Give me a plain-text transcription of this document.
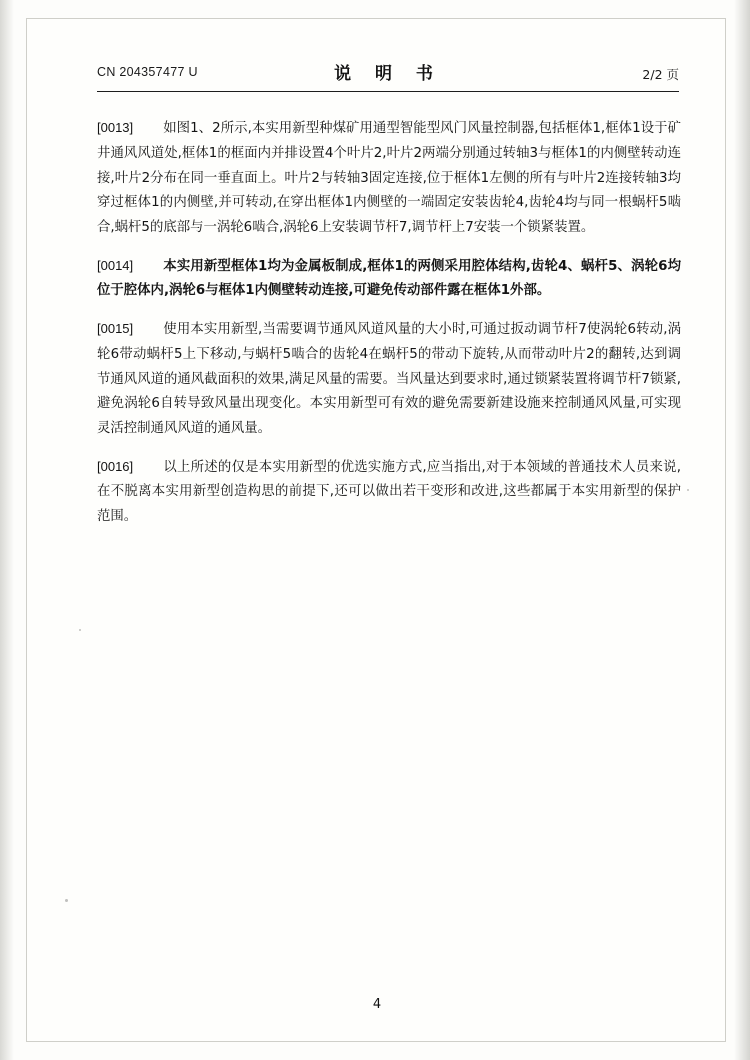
CN 204357477 U	说 明 书	2/2 页

[0013] 如图1、2所示,本实用新型种煤矿用通型智能型风门风量控制器,包括框体1,框体1设于矿井通风风道处,框体1的框面内并排设置4个叶片2,叶片2两端分别通过转轴3与框体1的内侧壁转动连接,叶片2分布在同一垂直面上。叶片2与转轴3固定连接,位于框体1左侧的所有与叶片2连接转轴3均穿过框体1的内侧壁,并可转动,在穿出框体1内侧壁的一端固定安装齿轮4,齿轮4均与同一根蜗杆5啮合,蜗杆5的底部与一涡轮6啮合,涡轮6上安装调节杆7,调节杆上7安装一个锁紧装置。

[0014] 本实用新型框体1均为金属板制成,框体1的两侧采用腔体结构,齿轮4、蜗杆5、涡轮6均位于腔体内,涡轮6与框体1内侧壁转动连接,可避免传动部件露在框体1外部。

[0015] 使用本实用新型,当需要调节通风风道风量的大小时,可通过扳动调节杆7使涡轮6转动,涡轮6带动蜗杆5上下移动,与蜗杆5啮合的齿轮4在蜗杆5的带动下旋转,从而带动叶片2的翻转,达到调节通风风道的通风截面积的效果,满足风量的需要。当风量达到要求时,通过锁紧装置将调节杆7锁紧,避免涡轮6自转导致风量出现变化。本实用新型可有效的避免需要新建设施来控制通风风量,可实现灵活控制通风风道的通风量。

[0016] 以上所述的仅是本实用新型的优选实施方式,应当指出,对于本领域的普通技术人员来说,在不脱离本实用新型创造构思的前提下,还可以做出若干变形和改进,这些都属于本实用新型的保护范围。

4
